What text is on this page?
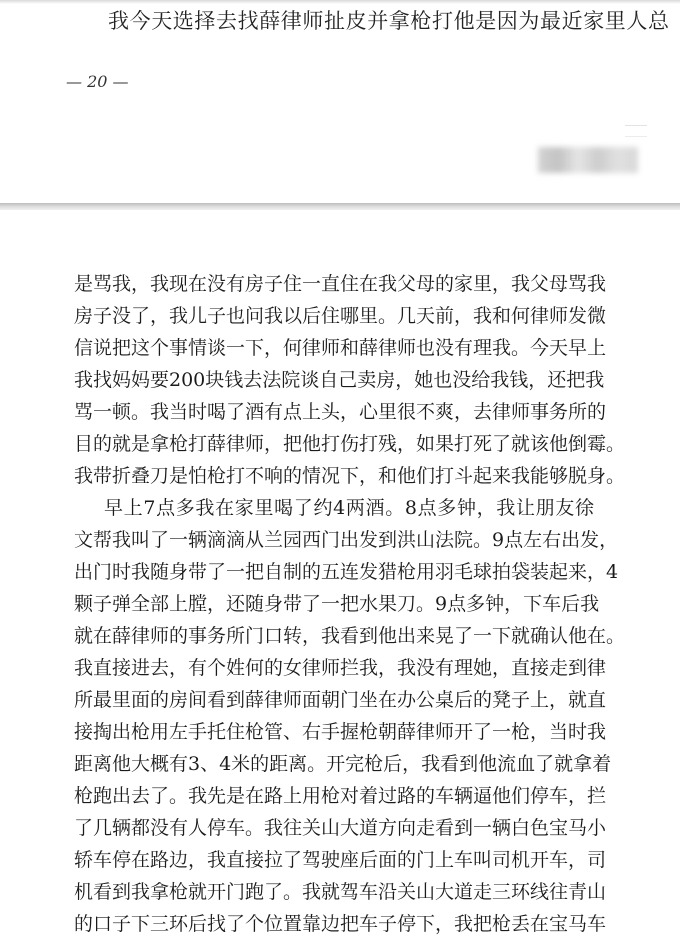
我今天选择去找薛律师扯皮并拿枪打他是因为最近家里人总
— 20 —
是骂我，我现在没有房子住一直住在我父母的家里，我父母骂我
房子没了，我儿子也问我以后住哪里。几天前，我和何律师发微
信说把这个事情谈一下，何律师和薛律师也没有理我。今天早上
我找妈妈要200块钱去法院谈自己卖房，她也没给我钱，还把我
骂一顿。我当时喝了酒有点上头，心里很不爽，去律师事务所的
目的就是拿枪打薛律师，把他打伤打残，如果打死了就该他倒霉。
我带折叠刀是怕枪打不响的情况下，和他们打斗起来我能够脱身。
早上7点多我在家里喝了约4两酒。8点多钟，我让朋友徐
文帮我叫了一辆滴滴从兰园西门出发到洪山法院。9点左右出发，
出门时我随身带了一把自制的五连发猎枪用羽毛球拍袋装起来，4
颗子弹全部上膛，还随身带了一把水果刀。9点多钟，下车后我
就在薛律师的事务所门口转，我看到他出来晃了一下就确认他在。
我直接进去，有个姓何的女律师拦我，我没有理她，直接走到律
所最里面的房间看到薛律师面朝门坐在办公桌后的凳子上，就直
接掏出枪用左手托住枪管、右手握枪朝薛律师开了一枪，当时我
距离他大概有3、4米的距离。开完枪后，我看到他流血了就拿着
枪跑出去了。我先是在路上用枪对着过路的车辆逼他们停车，拦
了几辆都没有人停车。我往关山大道方向走看到一辆白色宝马小
轿车停在路边，我直接拉了驾驶座后面的门上车叫司机开车，司
机看到我拿枪就开门跑了。我就驾车沿关山大道走三环线往青山
的口子下三环后找了个位置靠边把车子停下，我把枪丢在宝马车
